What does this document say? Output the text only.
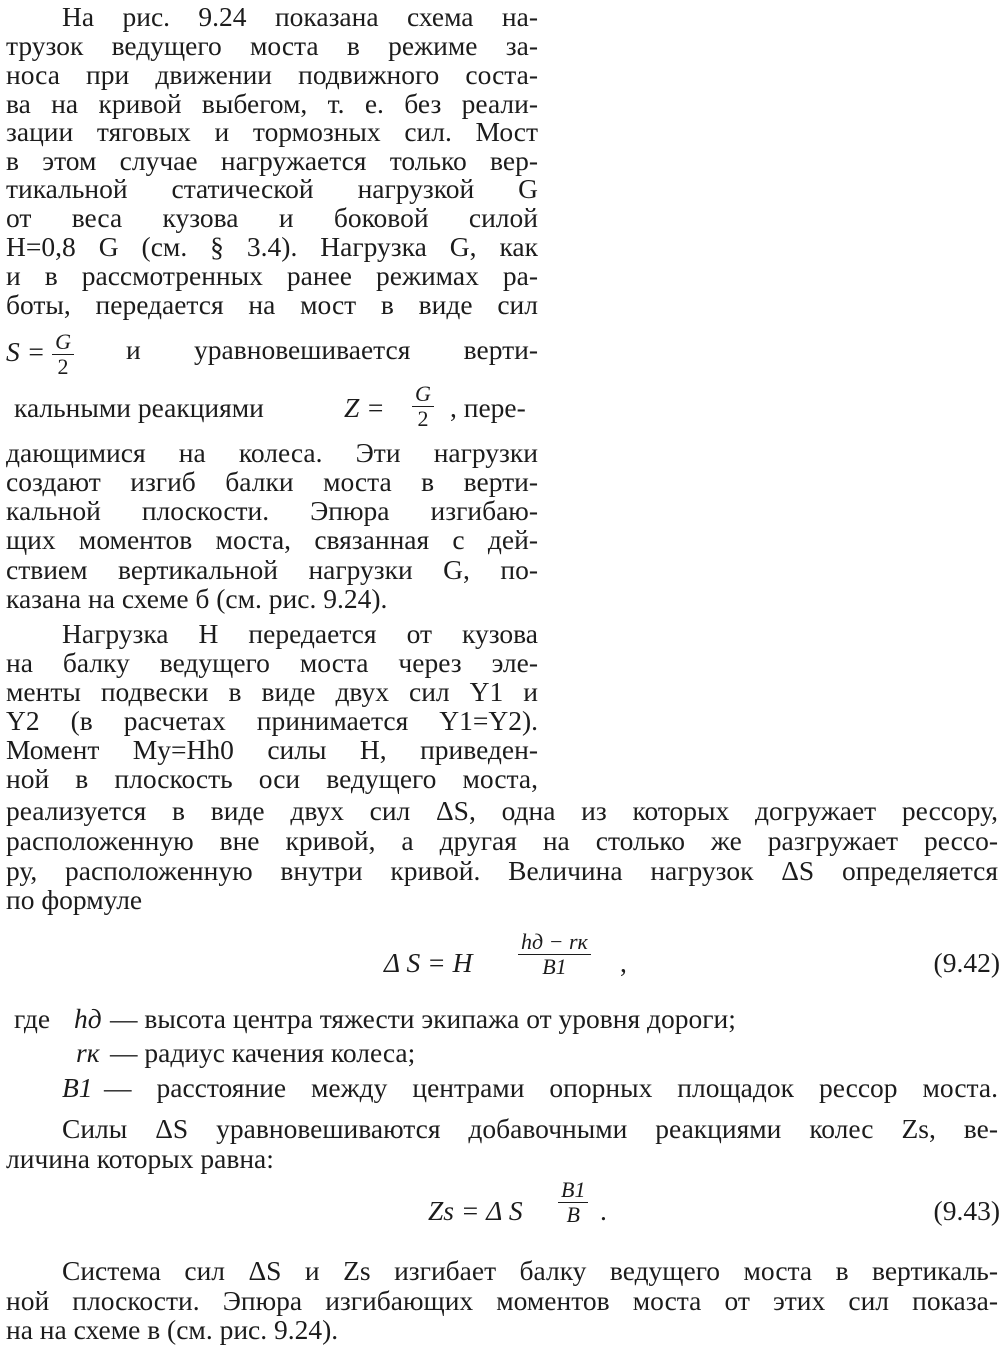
На рис. 9.24 показана схема на-
трузок ведущего моста в режиме за-
носа при движении подвижного соста-
ва на кривой выбегом, т. е. без реали-
зации тяговых и тормозных сил. Мост
в этом случае нагружается только вер-
тикальной статической нагрузкой G
от веса кузова и боковой силой
H=0,8 G (см. § 3.4). Нагрузка G, как
и в рассмотренных ранее режимах ра-
боты, передается на мост в виде сил
$S = \frac{G}{2}$ и уравновешивается верти-
кальными реакциями	$Z = \frac{G}{2}$ , пере-
дающимися на колеса. Эти нагрузки
создают изгиб балки моста в верти-
кальной плоскости. Эпюра изгибаю-
щих моментов моста, связанная с дей-
ствием вертикальной нагрузки G, по-
казана на схеме б (см. рис. 9.24).
Нагрузка H передается от кузова
на балку ведущего моста через эле-
менты подвески в виде двух сил Y1 и
Y2 (в расчетах принимается Y1=Y2).
Момент Mу=Hh0 силы H, приведен-
ной в плоскость оси ведущего моста,
реализуется в виде двух сил ΔS, одна из которых догружает рессору,
расположенную вне кривой, а другая на столько же разгружает рессо-
ру, расположенную внутри кривой. Величина нагрузок ΔS определяется
по формуле
Δ S = H
hд − rк
B1	,	(9.42)
где hд — высота центра тяжести экипажа от уровня дороги;
rк — радиус качения колеса;
B1 — расстояние между центрами опорных площадок рессор моста.
Силы ΔS уравновешиваются добавочными реакциями колес Zs, ве-
личина которых равна:
Zs = Δ S $\frac{B1}{B}$ .	(9.43)
Система сил ΔS и Zs изгибает балку ведущего моста в вертикаль-
ной плоскости. Эпюра изгибающих моментов моста от этих сил показа-
на на схеме в (см. рис. 9.24).
